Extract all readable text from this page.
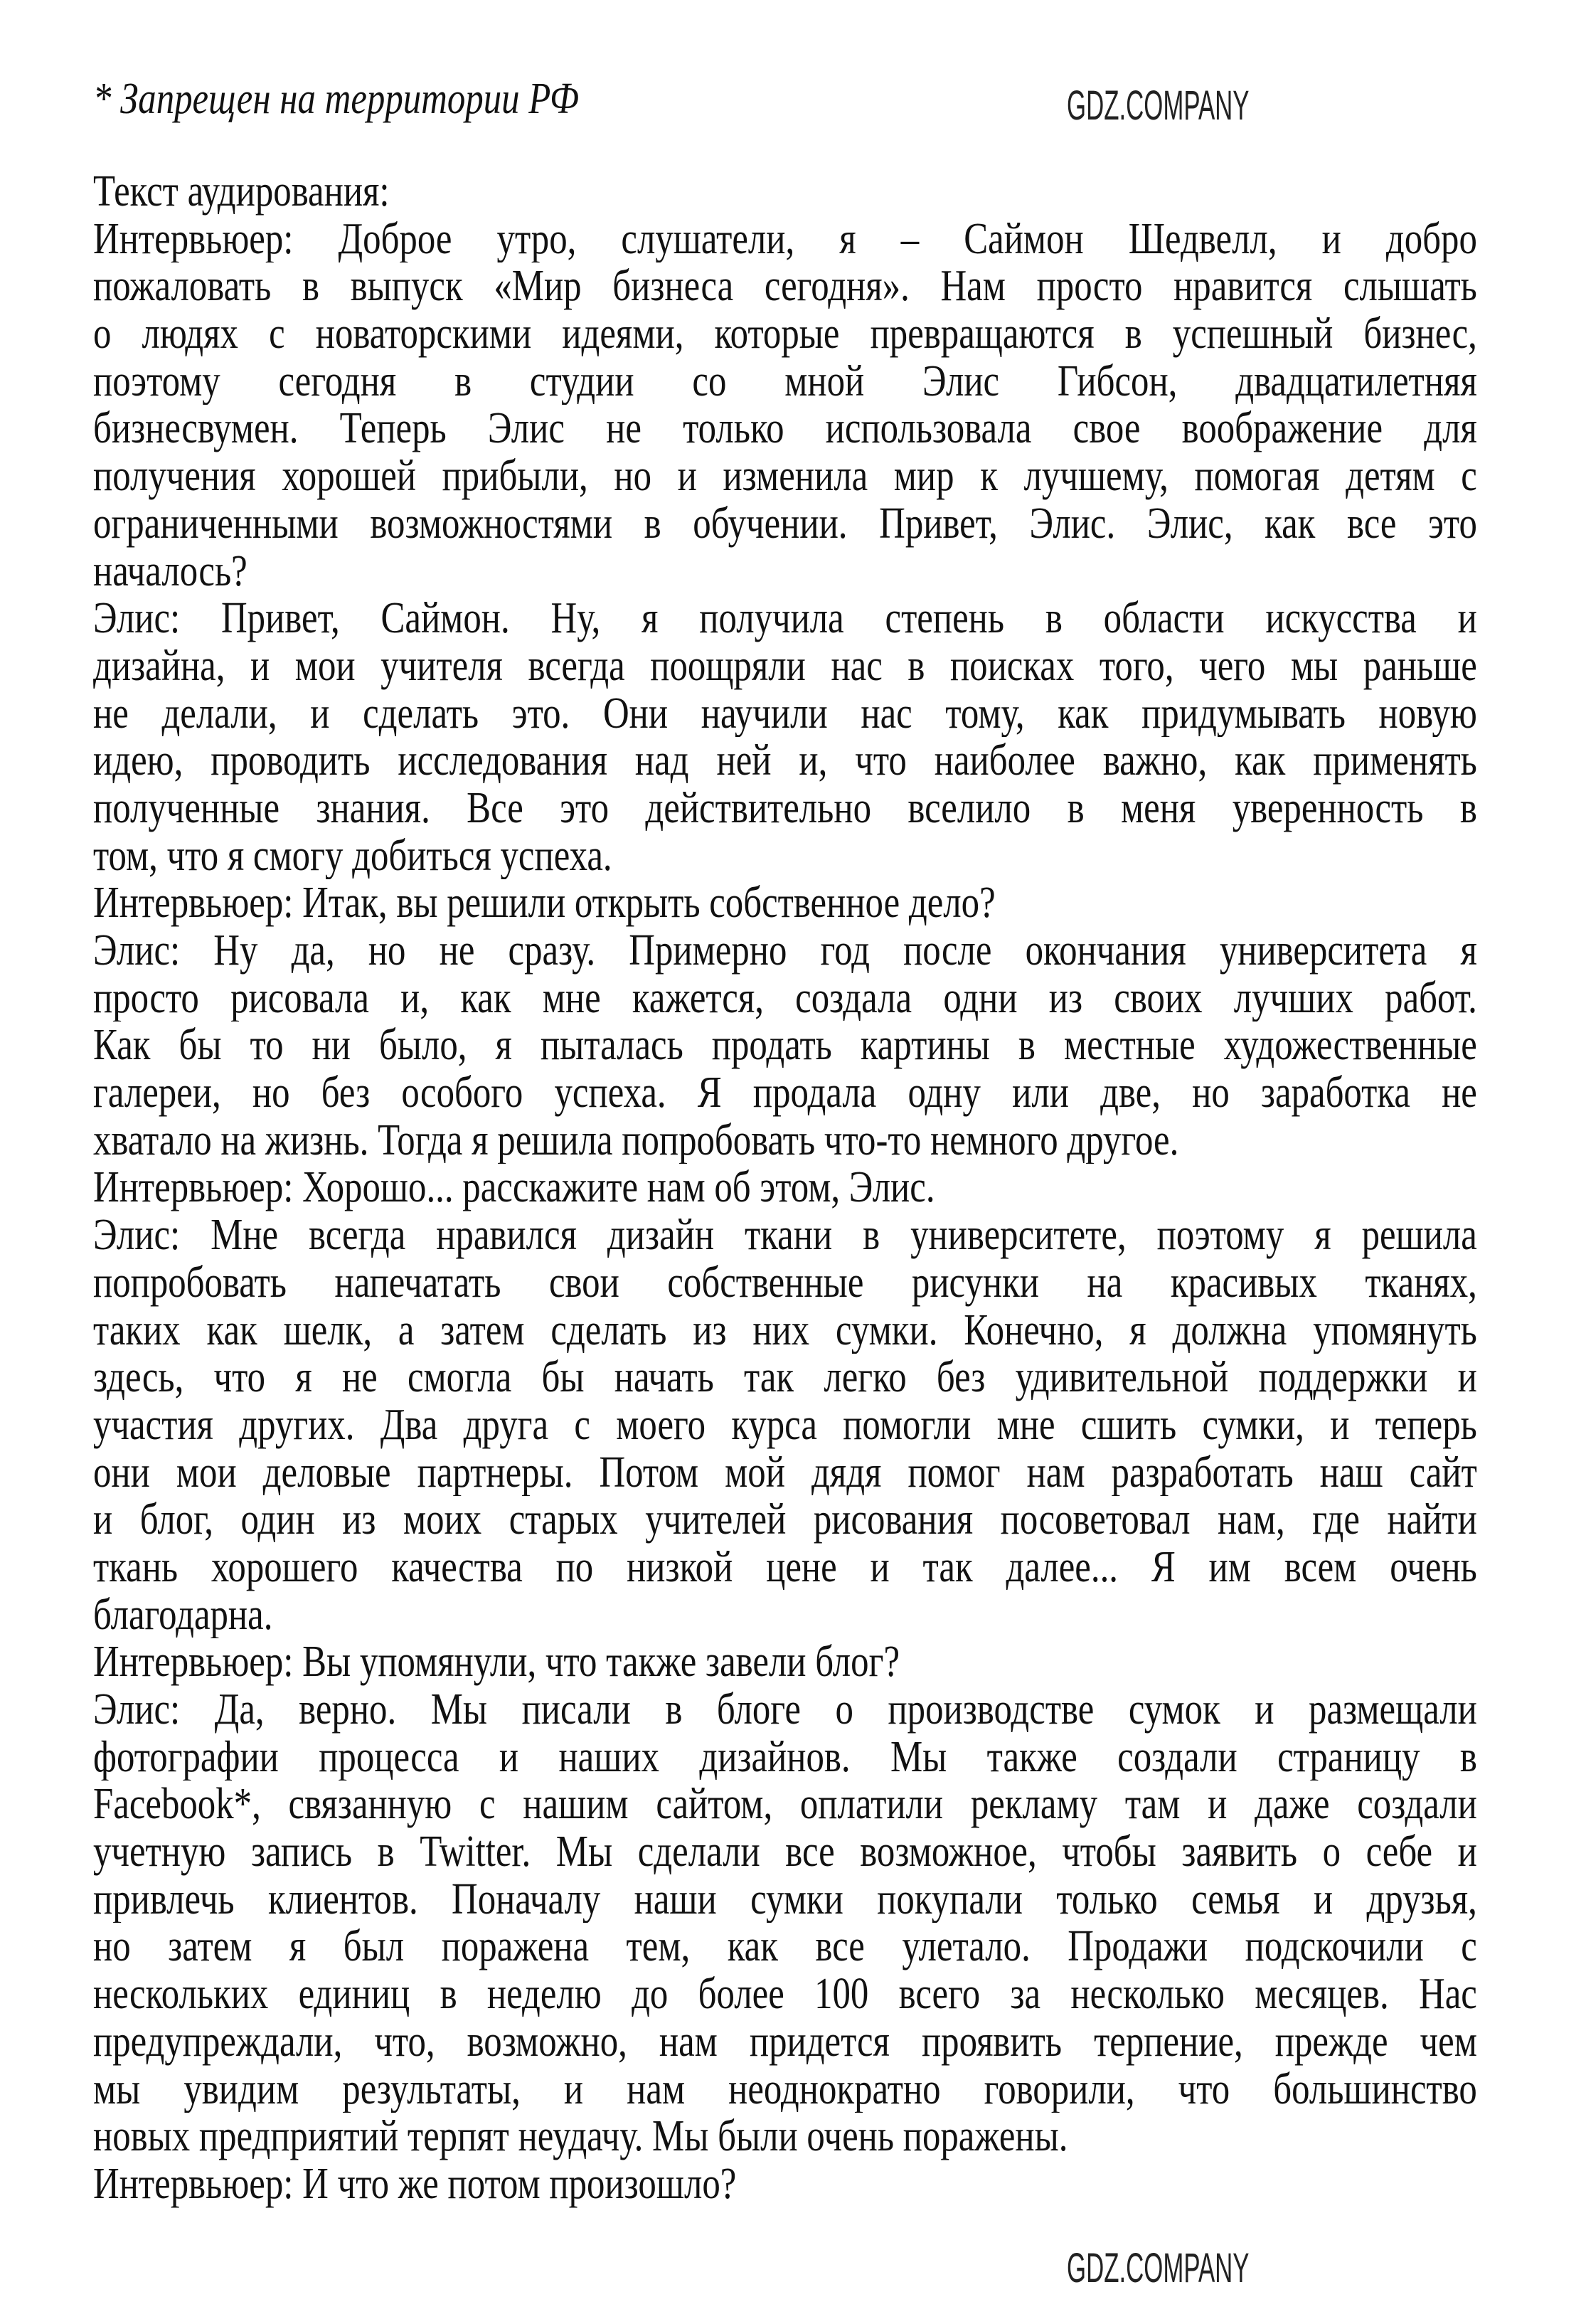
* Запрещен на территории РФ
Текст аудирования:
Интервьюер: Доброе утро, слушатели, я – Саймон Шедвелл, и добро
пожаловать в выпуск «Мир бизнеса сегодня». Нам просто нравится слышать
о людях с новаторскими идеями, которые превращаются в успешный бизнес,
поэтому сегодня в студии со мной Элис Гибсон, двадцатилетняя
бизнесвумен. Теперь Элис не только использовала свое воображение для
получения хорошей прибыли, но и изменила мир к лучшему, помогая детям с
ограниченными возможностями в обучении. Привет, Элис. Элис, как все это
началось?
Элис: Привет, Саймон. Ну, я получила степень в области искусства и
дизайна, и мои учителя всегда поощряли нас в поисках того, чего мы раньше
не делали, и сделать это. Они научили нас тому, как придумывать новую
идею, проводить исследования над ней и, что наиболее важно, как применять
полученные знания. Все это действительно вселило в меня уверенность в
том, что я смогу добиться успеха.
Интервьюер: Итак, вы решили открыть собственное дело?
Элис: Ну да, но не сразу. Примерно год после окончания университета я
просто рисовала и, как мне кажется, создала одни из своих лучших работ.
Как бы то ни было, я пыталась продать картины в местные художественные
галереи, но без особого успеха. Я продала одну или две, но заработка не
хватало на жизнь. Тогда я решила попробовать что-то немного другое.
Интервьюер: Хорошо... расскажите нам об этом, Элис.
Элис: Мне всегда нравился дизайн ткани в университете, поэтому я решила
попробовать напечатать свои собственные рисунки на красивых тканях,
таких как шелк, а затем сделать из них сумки. Конечно, я должна упомянуть
здесь, что я не смогла бы начать так легко без удивительной поддержки и
участия других. Два друга с моего курса помогли мне сшить сумки, и теперь
они мои деловые партнеры. Потом мой дядя помог нам разработать наш сайт
и блог, один из моих старых учителей рисования посоветовал нам, где найти
ткань хорошего качества по низкой цене и так далее... Я им всем очень
благодарна.
Интервьюер: Вы упомянули, что также завели блог?
Элис: Да, верно. Мы писали в блоге о производстве сумок и размещали
фотографии процесса и наших дизайнов. Мы также создали страницу в
Facebook*, связанную с нашим сайтом, оплатили рекламу там и даже создали
учетную запись в Twitter. Мы сделали все возможное, чтобы заявить о себе и
привлечь клиентов. Поначалу наши сумки покупали только семья и друзья,
но затем я был поражена тем, как все улетало. Продажи подскочили с
нескольких единиц в неделю до более 100 всего за несколько месяцев. Нас
предупреждали, что, возможно, нам придется проявить терпение, прежде чем
мы увидим результаты, и нам неоднократно говорили, что большинство
новых предприятий терпят неудачу. Мы были очень поражены.
Интервьюер: И что же потом произошло?
GDZ.COMPANY
GDZ.COMPANY
